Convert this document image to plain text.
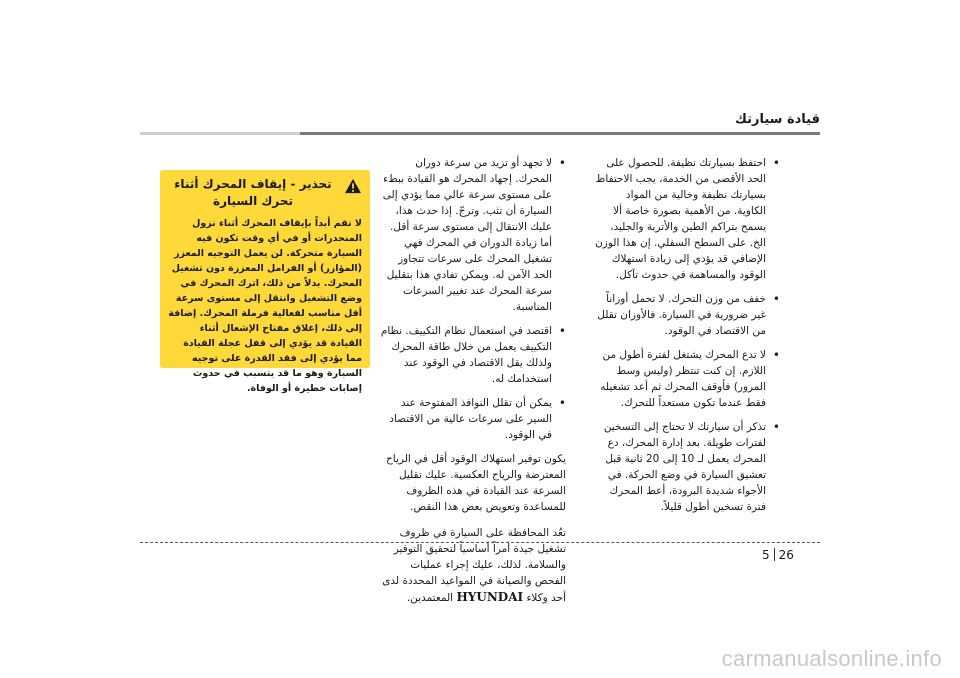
قيادة سيارتك
• احتفظ بسيارتك نظيفة. للحصول على الحد الأقصى من الخدمة، يجب الاحتفاظ بسيارتك نظيفة وخالية من المواد الكاوية. من الأهمية بصورة خاصة ألا يسمح بتراكم الطين والأتربة والجليد، الخ. على السطح السفلي. إن هذا الوزن الإضافي قد يؤدي إلى زيادة استهلاك الوقود والمساهمة في حدوث تآكل.
• خفف من وزن التحرك. لا تحمل أوزاناً غير ضرورية في السيارة. فالأوزان تقلل من الاقتصاد في الوقود.
• لا تدع المحرك يشتغل لفترة أطول من اللازم. إن كنت تنتظر (وليس وسط المرور) فأوقف المحرك ثم أعد تشغيله فقط عندما تكون مستعداً للتحرك.
• تذكر أن سيارتك لا تحتاج إلى التسخين لفترات طويلة. بعد إدارة المحرك، دع المحرك يعمل لـ 10 إلى 20 ثانية قبل تعشيق السيارة في وضع الحركة. في الأجواء شديدة البرودة، أعط المحرك فترة تسخين أطول قليلاً.
• لا تجهد أو تزيد من سرعة دوران المحرك. إجهاد المحرك هو القيادة ببطء على مستوى سرعة عالي مما يؤدي إلى السيارة أن تثب. وترجّ. إذا حدث هذا، عليك الانتقال إلى مستوى سرعة أقل. أما زيادة الدوران في المحرك فهي تشغيل المحرك على سرعات تتجاوز الحد الآمن له. ويمكن تفادي هذا بتقليل سرعة المحرك عند تغيير السرعات المناسبة.
• اقتصد في استعمال نظام التكييف. نظام التكييف يعمل من خلال طاقة المحرك ولذلك يقل الاقتصاد في الوقود عند استخدامك له.
• يمكن أن تقلل النوافذ المفتوحة عند السير على سرعات عالية من الاقتصاد في الوقود.

يكون توفير استهلاك الوقود أقل في الرياح المعترضة والرياح العكسية. عليك تقليل السرعة عند القيادة في هذه الظروف للمساعدة وتعويض بعض هذا النقص.

تعُد المحافظة على السيارة في ظروف تشغيل جيدة أمراً أساسياً لتحقيق التوفير والسلامة. لذلك، عليك إجراء عمليات الفحص والصيانة في المواعيد المحددة لدى أحد وكلاء HYUNDAI المعتمدين.

تحذير - إيقاف المحرك أثناء تحرك السيارة

لا تقم أبداً بإيقاف المحرك أثناء نزول المنحدرات أو في أي وقت تكون فيه السيارة متحركة. لن يعمل التوجيه المعزز (المؤازر) أو الفرامل المعززة دون تشغيل المحرك. بدلاً من ذلك، اترك المحرك في وضع التشغيل وانتقل إلى مستوى سرعة أقل مناسب لفعالية فرملة المحرك. إضافة إلى ذلك، إغلاق مفتاح الإشعال أثناء القيادة قد يؤدي إلى قفل عجلة القيادة مما يؤدي إلى فقد القدرة على توجيه السيارة وهو ما قد يتسبب في حدوث إصابات خطيرة أو الوفاة.

5 26
carmanualsonline.info
